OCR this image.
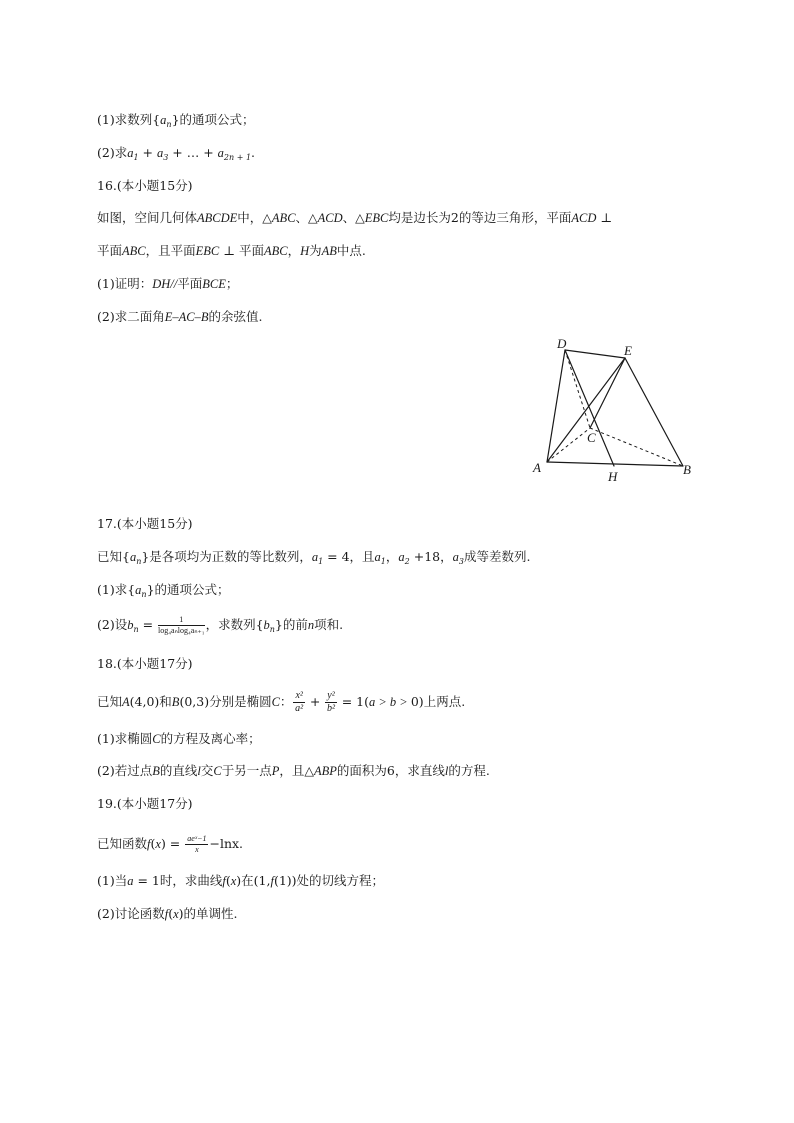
(1)求数列$\{a_n\}$的通项公式；
(2)求$a_1 + a_3$ + … + $a_{2n + 1}$.
16.(本小题15分)
如图，空间几何体ABCDE中，△ABC、△ACD、△EBC均是边长为2的等边三角形，平面ACD ⊥
平面ABC，且平面EBC ⊥ 平面ABC，H为AB中点.
(1)证明：DH//平面BCE；
(2)求二面角E–AC–B的余弦值.
D	E
C
A
H	B
17.(本小题15分)
已知$\{a_n\}$是各项均为正数的等比数列，$a_1 = 4$，且$a_1$，$a_2 +18$，$a_3$成等差数列.
(1)求$\{a_n\}$的通项公式；
(2)设$b_n = \frac{1}{\text{log₄aₙlog₄aₙ₊₁}}$ ，求数列$\{b_n\}$的前n项和.
18.(本小题17分)
已知A(4,0)和B(0,3)分别是椭圆C： $\frac{\text{x²}}{\text{a²}} + \frac{\text{y²}}{\text{b²}} = 1(a > b > 0)$上两点.
(1)求椭圆C的方程及离心率；
(2)若过点B的直线l交C于另一点P，且△ABP的面积为6，求直线l的方程.
19.(本小题17分)
已知函数$f(x) = \frac{\text{aeˣ−1}}{x} -\ln x$.
(1)当a = 1时，求曲线f(x)在(1,f(1))处的切线方程；
(2)讨论函数f(x)的单调性.
